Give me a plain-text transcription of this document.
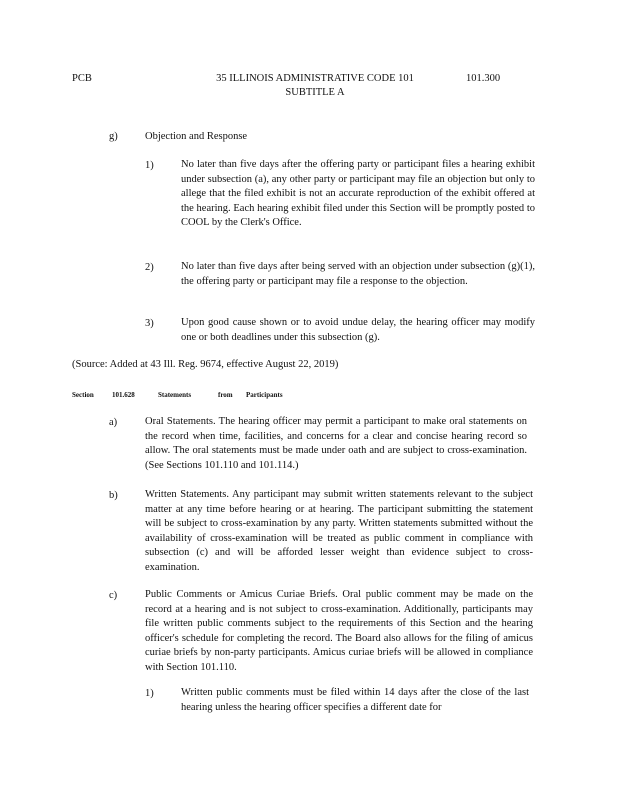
PCB	35 ILLINOIS ADMINISTRATIVE CODE 101
SUBTITLE A
101.300
g)	Objection and Response
1)	No later than five days after the offering party or participant files a hearing exhibit under subsection (a), any other party or participant may file an objection but only to allege that the filed exhibit is not an accurate reproduction of the exhibit offered at the hearing. Each hearing exhibit filed under this Section will be promptly posted to COOL by the Clerk's Office.
2)	No later than five days after being served with an objection under subsection (g)(1), the offering party or participant may file a response to the objection.
3)	Upon good cause shown or to avoid undue delay, the hearing officer may modify one or both deadlines under this subsection (g).
(Source: Added at 43 Ill. Reg. 9674, effective August 22, 2019)
Section	101.628	Statements	from Participants
a)	Oral Statements. The hearing officer may permit a participant to make oral statements on the record when time, facilities, and concerns for a clear and concise hearing record so allow. The oral statements must be made under oath and are subject to cross-examination. (See Sections 101.110 and 101.114.)
b)	Written Statements. Any participant may submit written statements relevant to the subject matter at any time before hearing or at hearing. The participant submitting the statement will be subject to cross-examination by any party. Written statements submitted without the availability of cross-examination will be treated as public comment in compliance with subsection (c) and will be afforded lesser weight than evidence subject to cross-examination.
c)	Public Comments or Amicus Curiae Briefs. Oral public comment may be made on the record at a hearing and is not subject to cross-examination. Additionally, participants may file written public comments subject to the requirements of this Section and the hearing officer's schedule for completing the record. The Board also allows for the filing of amicus curiae briefs by non-party participants. Amicus curiae briefs will be allowed in compliance with Section 101.110.
1)	Written public comments must be filed within 14 days after the close of the last hearing unless the hearing officer specifies a different date for
